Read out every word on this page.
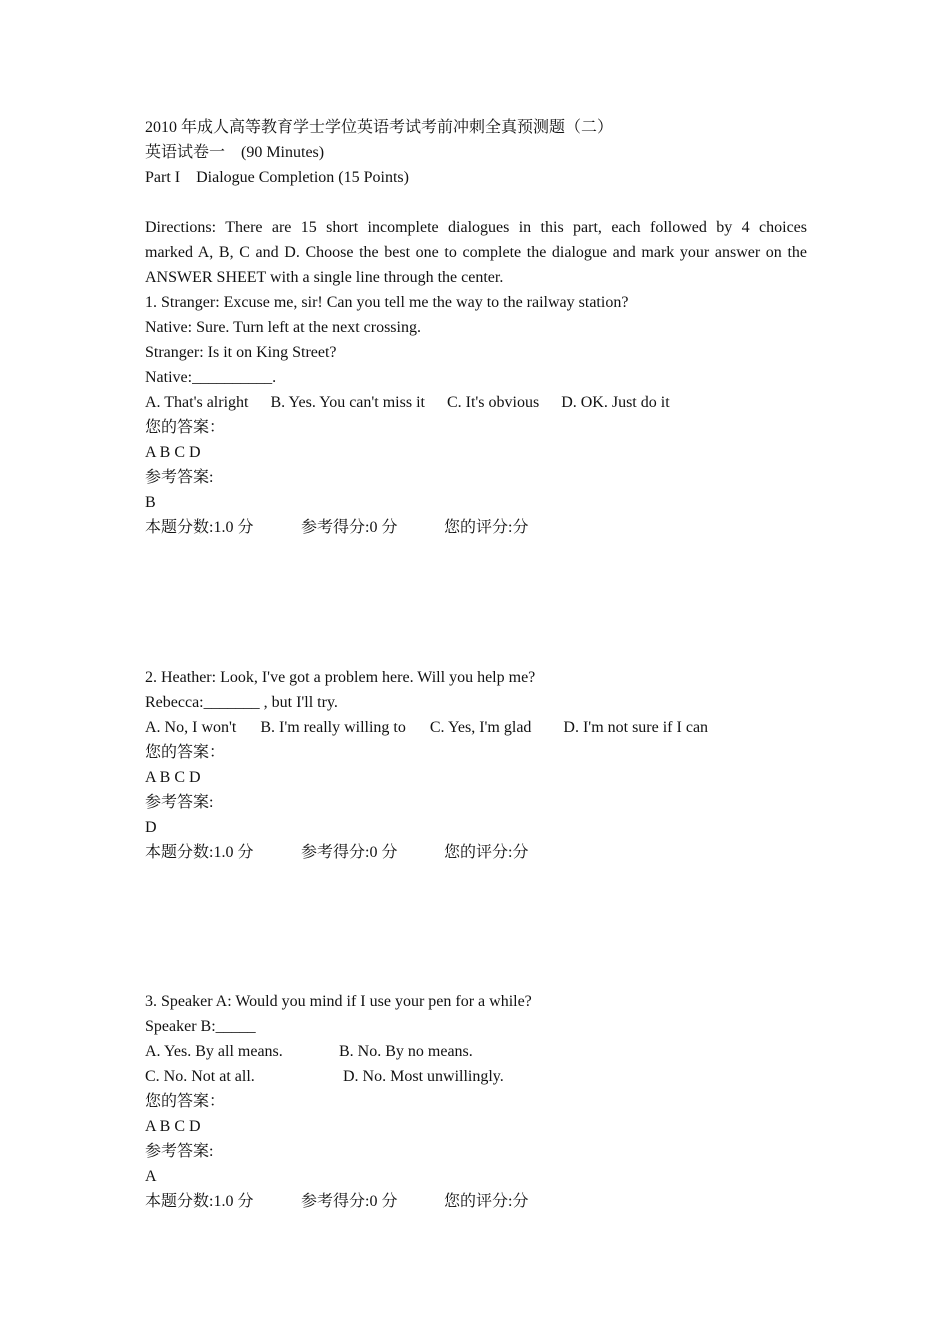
2010 年成人高等教育学士学位英语考试考前冲刺全真预测题（二）
英语试卷一    (90 Minutes)
Part I    Dialogue Completion (15 Points)
Directions: There are 15 short incomplete dialogues in this part, each followed by 4 choices
marked A, B, C and D. Choose the best one to complete the dialogue and mark your answer on the
ANSWER SHEET with a single line through the center.
1. Stranger: Excuse me, sir! Can you tell me the way to the railway station?
Native: Sure. Turn left at the next crossing.
Stranger: Is it on King Street?
Native:__________.
A. That's alright B. Yes. You can't miss it C. It's obvious D. OK. Just do it
您的答案：
A B C D
参考答案:
B
本题分数:1.0 分	参考得分:0 分	您的评分:分
2. Heather: Look, I've got a problem here. Will you help me?
Rebecca:_______ , but I'll try.
A. No, I won't B. I'm really willing to C. Yes, I'm glad D. I'm not sure if I can
您的答案：
A B C D
参考答案:
D
本题分数:1.0 分	参考得分:0 分	您的评分:分
3. Speaker A: Would you mind if I use your pen for a while?
Speaker B:_____
A. Yes. By all means.	B. No. By no means.
C. No. Not at all.	D. No. Most unwillingly.
您的答案：
A B C D
参考答案:
A
本题分数:1.0 分	参考得分:0 分	您的评分:分
